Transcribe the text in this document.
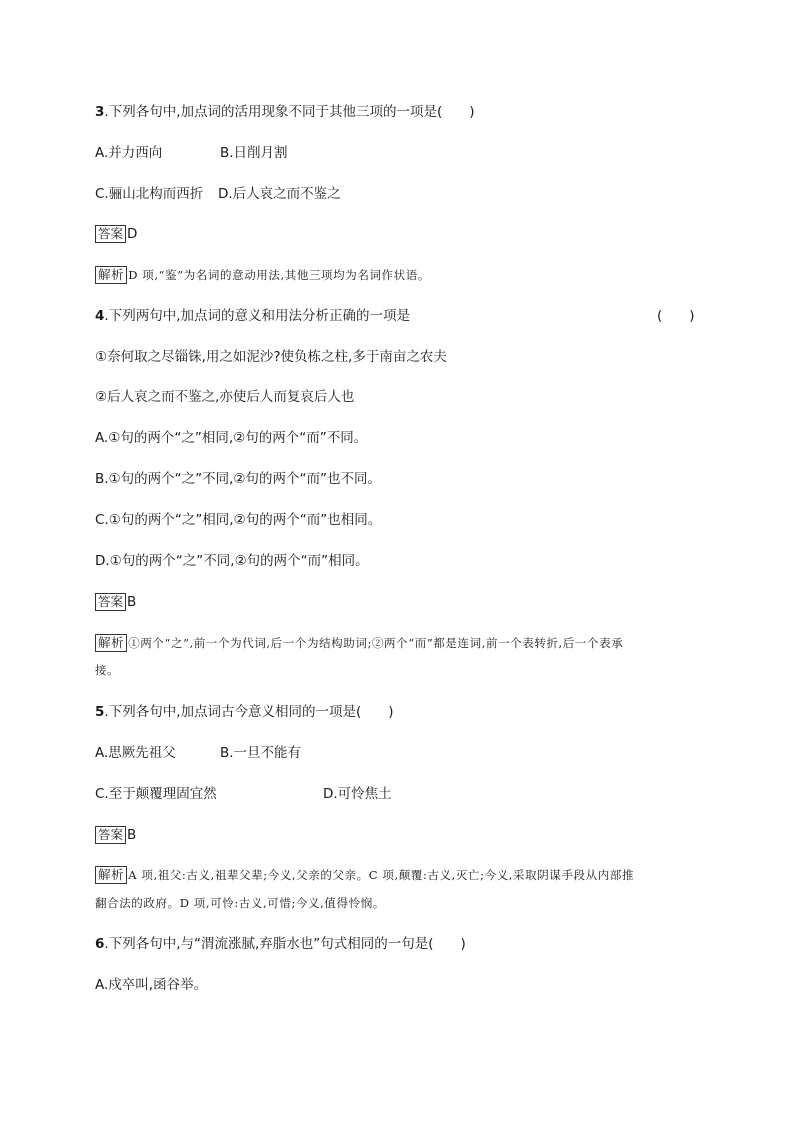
3.下列各句中,加点词的活用现象不同于其他三项的一项是(　　)
A.并力西向	B.日削月割
C.骊山北构而西折 D.后人哀之而不鉴之
答案 D
解析 D 项,“鉴”为名词的意动用法,其他三项均为名词作状语。
4.下列两句中,加点词的意义和用法分析正确的一项是	(　　)
①奈何取之尽锱铢,用之如泥沙?使负栋之柱,多于南亩之农夫
②后人哀之而不鉴之,亦使后人而复哀后人也
A.①句的两个“之”相同,②句的两个“而”不同。
B.①句的两个“之”不同,②句的两个“而”也不同。
C.①句的两个“之”相同,②句的两个“而”也相同。
D.①句的两个“之”不同,②句的两个“而”相同。
答案 B
解析 ①两个“之”,前一个为代词,后一个为结构助词;②两个“而”都是连词,前一个表转折,后一个表承
接。
5.下列各句中,加点词古今意义相同的一项是(　　)
A.思厥先祖父	B.一旦不能有
C.至于颠覆理固宜然	D.可怜焦土
答案 B
解析 A 项,祖父:古义,祖辈父辈;今义,父亲的父亲。C 项,颠覆:古义,灭亡;今义,采取阴谋手段从内部推
翻合法的政府。D 项,可怜:古义,可惜;今义,值得怜悯。
6.下列各句中,与“渭流涨腻,弃脂水也”句式相同的一句是(　　)
A.戍卒叫,函谷举。
